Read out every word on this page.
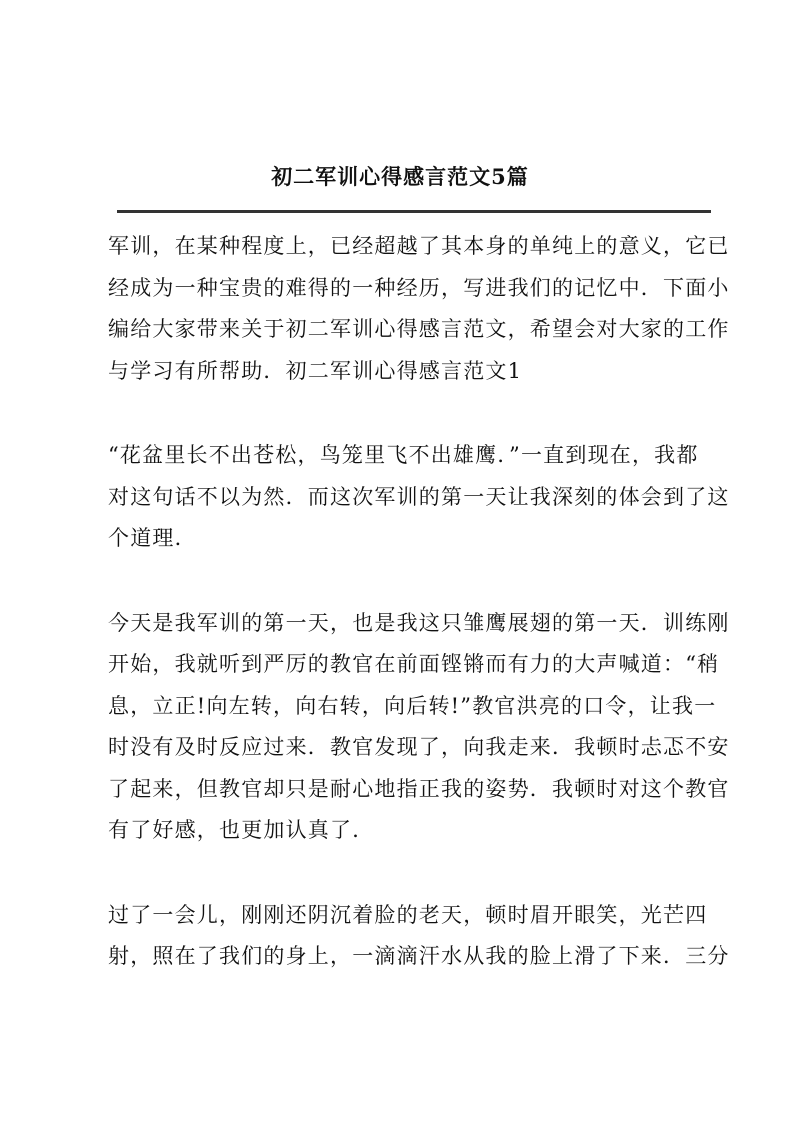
初二军训心得感言范文5篇

军训，在某种程度上，已经超越了其本身的单纯上的意义，它已
经成为一种宝贵的难得的一种经历，写进我们的记忆中．下面小
编给大家带来关于初二军训心得感言范文，希望会对大家的工作
与学习有所帮助．初二军训心得感言范文1

“花盆里长不出苍松，鸟笼里飞不出雄鹰．”一直到现在，我都
对这句话不以为然．而这次军训的第一天让我深刻的体会到了这
个道理．

今天是我军训的第一天，也是我这只雏鹰展翅的第一天．训练刚
开始，我就听到严厉的教官在前面铿锵而有力的大声喊道：“稍
息，立正!向左转，向右转，向后转!”教官洪亮的口令，让我一
时没有及时反应过来．教官发现了，向我走来．我顿时忐忑不安
了起来，但教官却只是耐心地指正我的姿势．我顿时对这个教官
有了好感，也更加认真了．

过了一会儿，刚刚还阴沉着脸的老天，顿时眉开眼笑，光芒四
射，照在了我们的身上，一滴滴汗水从我的脸上滑了下来．三分
